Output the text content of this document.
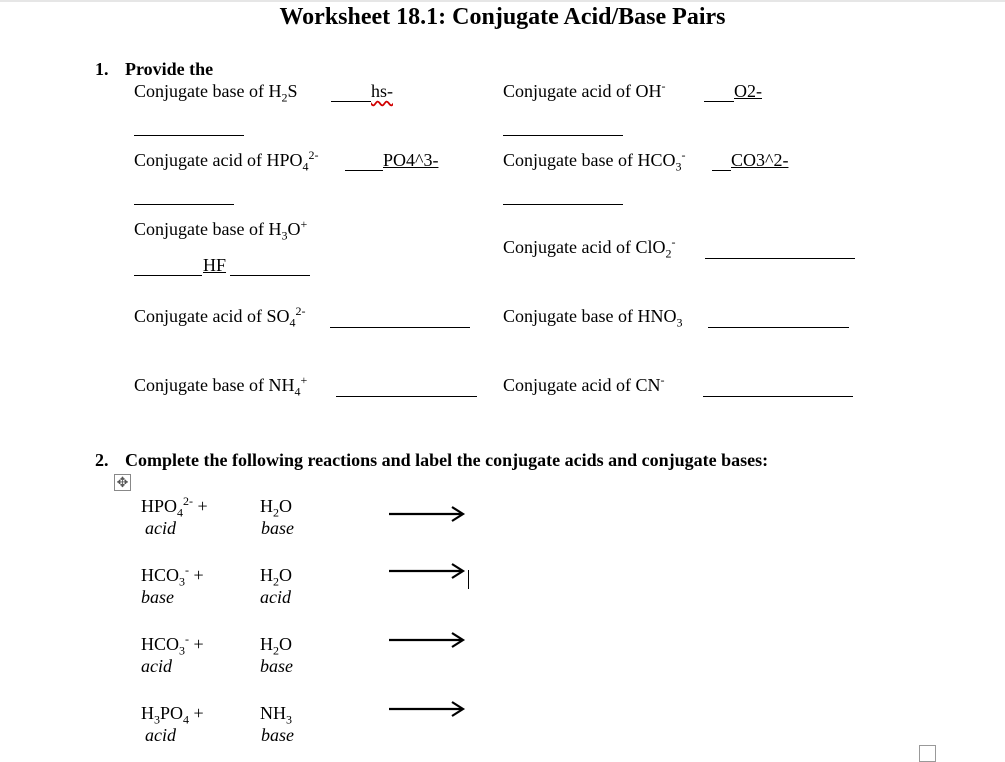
Worksheet 18.1: Conjugate Acid/Base Pairs
1. Provide the
Conjugate base of $H_2S$	hs-	Conjugate acid of OH-	O2-
Conjugate acid of $HPO_4^{2-}$	PO4^3-	Conjugate base of $HCO_3^-$	CO3^2-
Conjugate base of $H_3O^+$
HF
Conjugate acid of ClO$_2$-
Conjugate acid of $SO_4^{2-}$	Conjugate base of $HNO_3$
Conjugate base of $NH_4^+$	Conjugate acid of CN-
2. Complete the following reactions and label the conjugate acids and conjugate bases:
✥
$HPO_4^{2-}$ +	$H_2O$
acid	base
$HCO_3^-$ +	$H_2O$
base	acid
$HCO_3^-$ +	$H_2O$
acid	base
$H_3PO_4$ +	$NH_3$
acid	base
